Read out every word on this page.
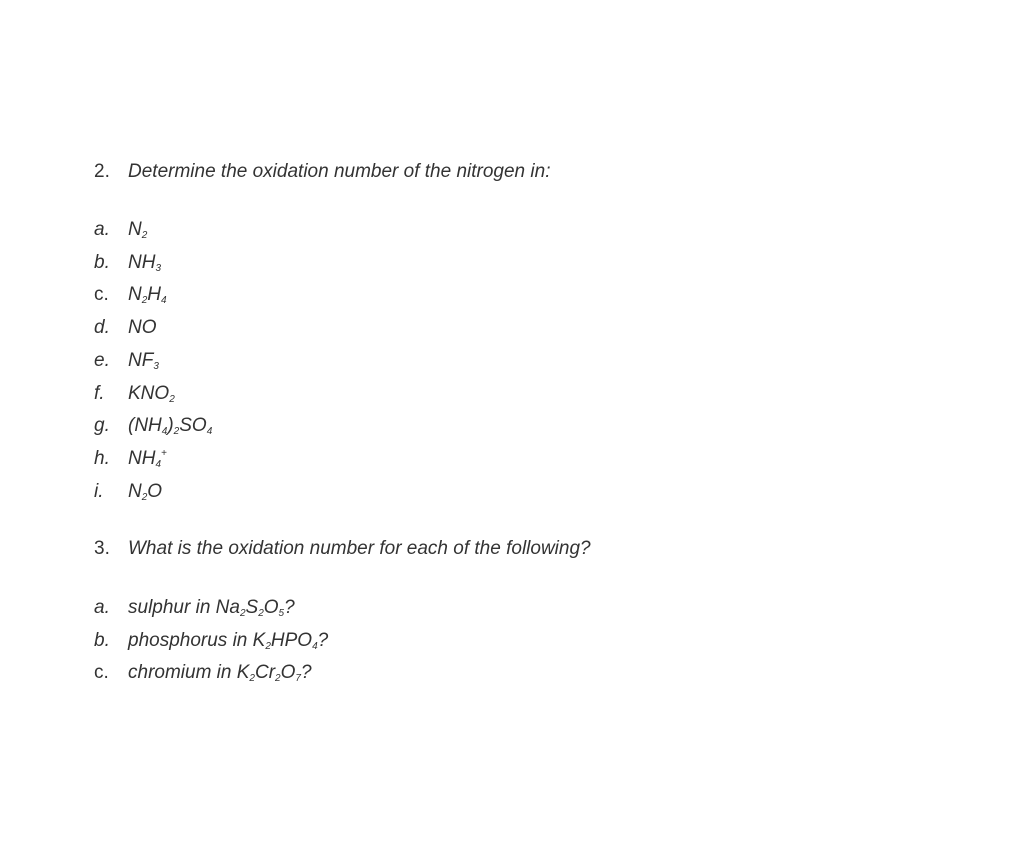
2. Determine the oxidation number of the nitrogen in:
a. $N_2$
b. $NH_3$
c. $N_2H_4$
d. NO
e. $NF_3$
f. $KNO_2$
g. $(NH_4)_2SO_4$
h. $NH_4^+$
i. $N_2O$
3. What is the oxidation number for each of the following?
a. sulphur in $Na_2S_2O_5$?
b. phosphorus in $K_2HPO_4$?
c. chromium in $K_2Cr_2O_7$?
